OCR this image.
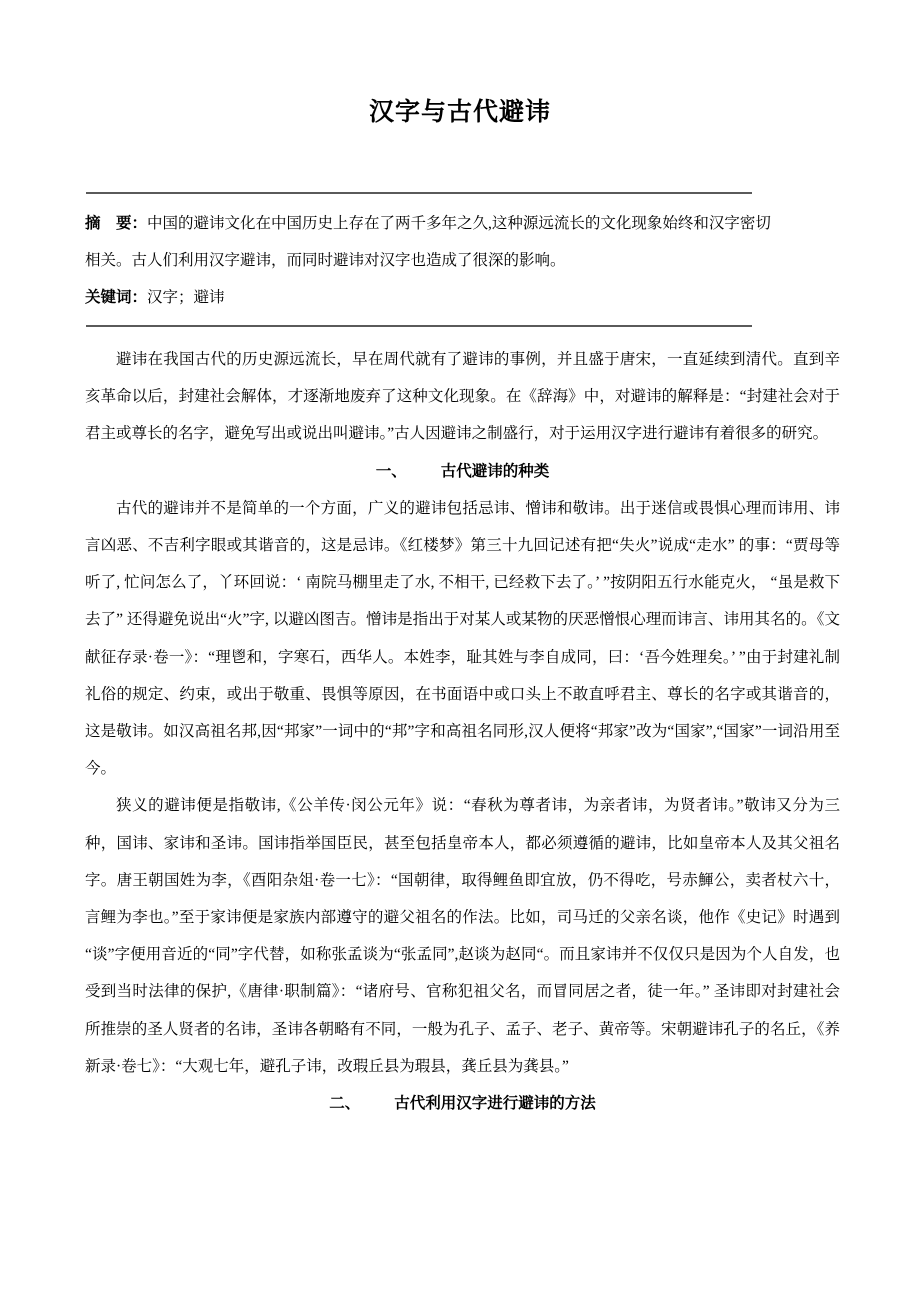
汉字与古代避讳
摘　要：中国的避讳文化在中国历史上存在了两千多年之久,这种源远流长的文化现象始终和汉字密切
相关。古人们利用汉字避讳，而同时避讳对汉字也造成了很深的影响。
关键词：汉字；避讳

避讳在我国古代的历史源远流长，早在周代就有了避讳的事例，并且盛于唐宋，一直延续到清代。直到辛亥革命以后，封建社会解体，才逐渐地废弃了这种文化现象。在《辞海》中，对避讳的解释是：“封建社会对于君主或尊长的名字，避免写出或说出叫避讳。”古人因避讳之制盛行，对于运用汉字进行避讳有着很多的研究。

一、 古代避讳的种类

古代的避讳并不是简单的一个方面，广义的避讳包括忌讳、憎讳和敬讳。出于迷信或畏惧心理而讳用、讳言凶恶、不吉利字眼或其谐音的，这是忌讳。《红楼梦》第三十九回记述有把“失火”说成“走水” 的事：“贾母等听了, 忙问怎么了，丫环回说：‘ 南院马棚里走了水, 不相干, 已经救下去了。’ ”按阴阳五行水能克火， “虽是救下去了” 还得避免说出“火”字, 以避凶图吉。憎讳是指出于对某人或某物的厌恶憎恨心理而讳言、讳用其名的。《文献征存录·卷一》：“理鬯和，字寒石，西华人。本姓李，耻其姓与李自成同，曰：‘吾今姓理矣。’ ”由于封建礼制礼俗的规定、约束，或出于敬重、畏惧等原因，在书面语中或口头上不敢直呼君主、尊长的名字或其谐音的，这是敬讳。如汉高祖名邦,因“邦家”一词中的“邦”字和高祖名同形,汉人便将“邦家”改为“国家”,“国家”一词沿用至今。

狭义的避讳便是指敬讳,《公羊传·闵公元年》说：“春秋为尊者讳，为亲者讳，为贤者讳。”敬讳又分为三种，国讳、家讳和圣讳。国讳指举国臣民，甚至包括皇帝本人，都必须遵循的避讳，比如皇帝本人及其父祖名字。唐王朝国姓为李，《酉阳杂俎·卷一七》：“国朝律，取得鲤鱼即宜放，仍不得吃，号赤鯶公，卖者杖六十，言鲤为李也。”至于家讳便是家族内部遵守的避父祖名的作法。比如，司马迁的父亲名谈，他作《史记》时遇到“谈”字便用音近的“同”字代替，如称张孟谈为“张孟同”,赵谈为赵同“。而且家讳并不仅仅只是因为个人自发，也受到当时法律的保护,《唐律·职制篇》：“诸府号、官称犯祖父名，而冒同居之者，徒一年。” 圣讳即对封建社会所推崇的圣人贤者的名讳，圣讳各朝略有不同，一般为孔子、孟子、老子、黄帝等。宋朝避讳孔子的名丘，《养新录·卷七》：“大观七年，避孔子讳，改瑕丘县为瑕县，龚丘县为龚县。”

二、 古代利用汉字进行避讳的方法
